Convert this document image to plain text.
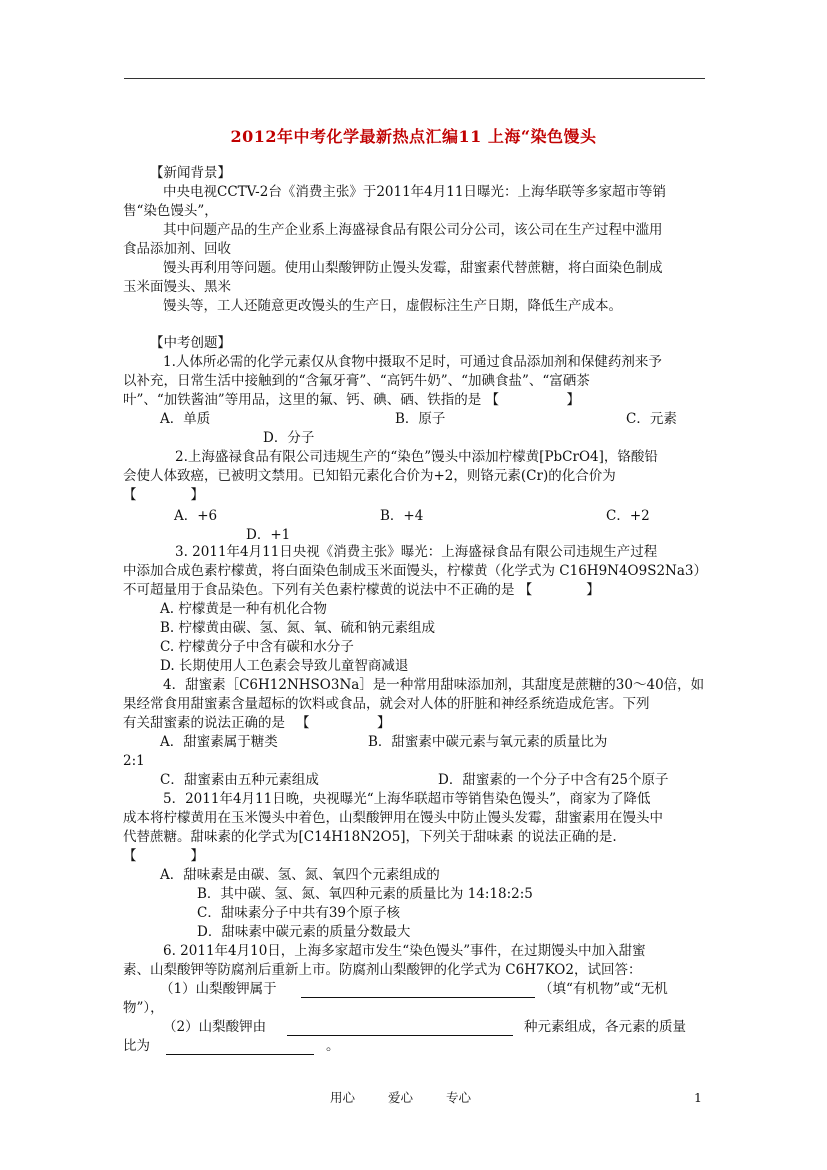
2012年中考化学最新热点汇编11 上海“染色馒头
【新闻背景】
中央电视CCTV-2台《消费主张》于2011年4月11日曝光：上海华联等多家超市等销
售“染色馒头”，
其中问题产品的生产企业系上海盛禄食品有限公司分公司，该公司在生产过程中滥用
食品添加剂、回收
馒头再利用等问题。使用山梨酸钾防止馒头发霉，甜蜜素代替蔗糖，将白面染色制成
玉米面馒头、黑米
馒头等，工人还随意更改馒头的生产日，虚假标注生产日期，降低生产成本。
【中考创题】
1.人体所必需的化学元素仅从食物中摄取不足时，可通过食品添加剂和保健药剂来予
以补充，日常生活中接触到的“含氟牙膏”、“高钙牛奶”、“加碘食盐”、“富硒茶
叶”、“加铁酱油”等用品，这里的氟、钙、碘、硒、铁指的是 【　　　　　】
A．单质	B．原子	C．元素
D．分子
2.上海盛禄食品有限公司违规生产的“染色”馒头中添加柠檬黄[PbCrO4]，铬酸铅
会使人体致癌，已被明文禁用。已知铅元素化合价为+2，则铬元素(Cr)的化合价为
【　　　　】
A．+6	B．+4	C．+2
D．+1
3. 2011年4月11日央视《消费主张》曝光：上海盛禄食品有限公司违规生产过程
中添加合成色素柠檬黄，将白面染色制成玉米面馒头，柠檬黄（化学式为 C16H9N4O9S2Na3）
不可超量用于食品染色。下列有关色素柠檬黄的说法中不正确的是 【　　　　】
A. 柠檬黄是一种有机化合物
B. 柠檬黄由碳、氢、氮、氧、硫和钠元素组成
C. 柠檬黄分子中含有碳和水分子
D. 长期使用人工色素会导致儿童智商减退
4．甜蜜素［C6H12NHSO3Na］是一种常用甜味添加剂，其甜度是蔗糖的30～40倍，如
果经常食用甜蜜素含量超标的饮料或食品，就会对人体的肝脏和神经系统造成危害。下列
有关甜蜜素的说法正确的是 　【　　　　　】
A．甜蜜素属于糖类	B．甜蜜素中碳元素与氧元素的质量比为
2:1
C．甜蜜素由五种元素组成	D．甜蜜素的一个分子中含有25个原子
5．2011年4月11日晚，央视曝光“上海华联超市等销售染色馒头”，商家为了降低
成本将柠檬黄用在玉米馒头中着色，山梨酸钾用在馒头中防止馒头发霉，甜蜜素用在馒头中
代替蔗糖。甜味素的化学式为[C14H18N2O5]，下列关于甜味素 的说法正确的是.
【　　　　】
A．甜味素是由碳、氢、氮、氧四个元素组成的
B．其中碳、氢、氮、氧四种元素的质量比为 14:18:2:5
C．甜味素分子中共有39个原子核
D．甜味素中碳元素的质量分数最大
6. 2011年4月10日，上海多家超市发生“染色馒头”事件，在过期馒头中加入甜蜜
素、山梨酸钾等防腐剂后重新上市。防腐剂山梨酸钾的化学式为 C6H7KO2，试回答：
（1）山梨酸钾属于	（填“有机物”或“无机
物”），
（2）山梨酸钾由	种元素组成，各元素的质量
比为	。
用心	爱心	专心	1
